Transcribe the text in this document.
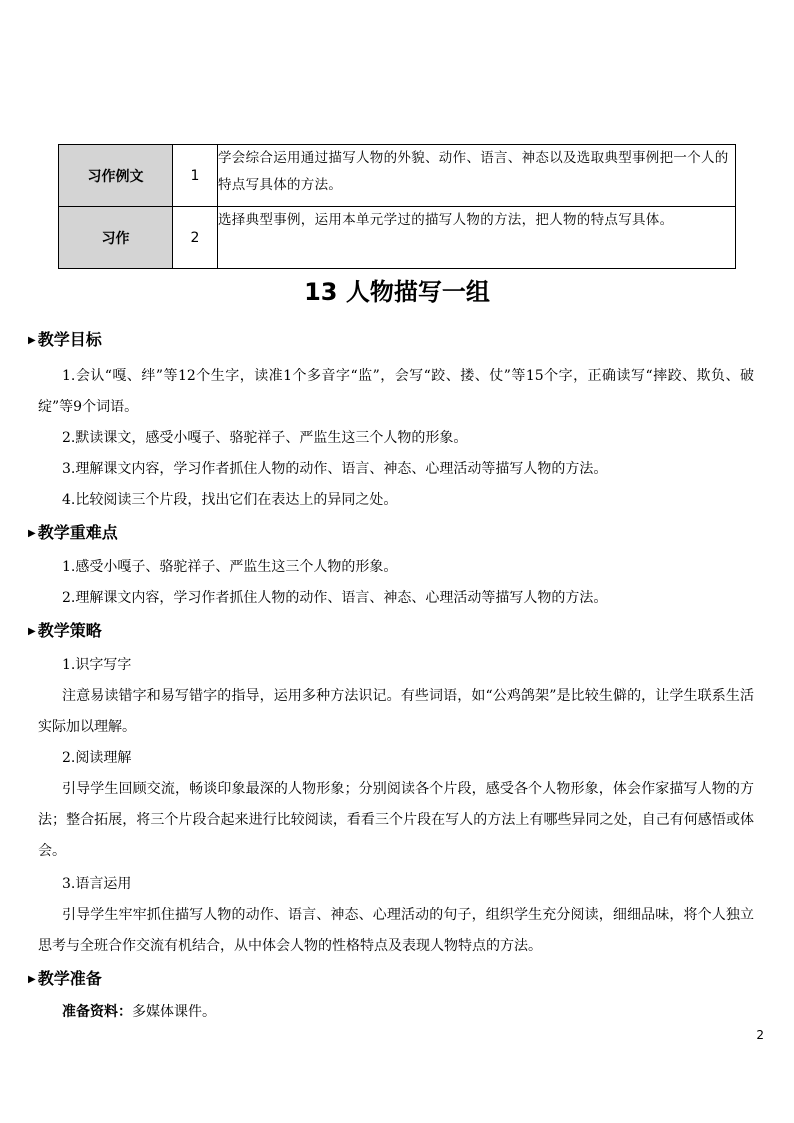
习作例文	1	学会综合运用通过描写人物的外貌、动作、语言、神态以及选取典型事例把一个人的特点写具体的方法。
习作	2	选择典型事例，运用本单元学过的描写人物的方法，把人物的特点写具体。
13 人物描写一组
▶ 教学目标
1.会认“嘎、绊”等12个生字，读准1个多音字“监”，会写“跤、搂、仗”等15个字，正确读写“摔跤、欺负、破绽”等9个词语。
2.默读课文，感受小嘎子、骆驼祥子、严监生这三个人物的形象。
3.理解课文内容，学习作者抓住人物的动作、语言、神态、心理活动等描写人物的方法。
4.比较阅读三个片段，找出它们在表达上的异同之处。
▶ 教学重难点
1.感受小嘎子、骆驼祥子、严监生这三个人物的形象。
2.理解课文内容，学习作者抓住人物的动作、语言、神态、心理活动等描写人物的方法。
▶ 教学策略
1.识字写字
注意易读错字和易写错字的指导，运用多种方法识记。有些词语，如“公鸡鸽架”是比较生僻的，让学生联系生活实际加以理解。
2.阅读理解
引导学生回顾交流，畅谈印象最深的人物形象；分别阅读各个片段，感受各个人物形象，体会作家描写人物的方法；整合拓展，将三个片段合起来进行比较阅读，看看三个片段在写人的方法上有哪些异同之处，自己有何感悟或体会。
3.语言运用
引导学生牢牢抓住描写人物的动作、语言、神态、心理活动的句子，组织学生充分阅读，细细品味，将个人独立思考与全班合作交流有机结合，从中体会人物的性格特点及表现人物特点的方法。
▶ 教学准备
准备资料：多媒体课件。
2
